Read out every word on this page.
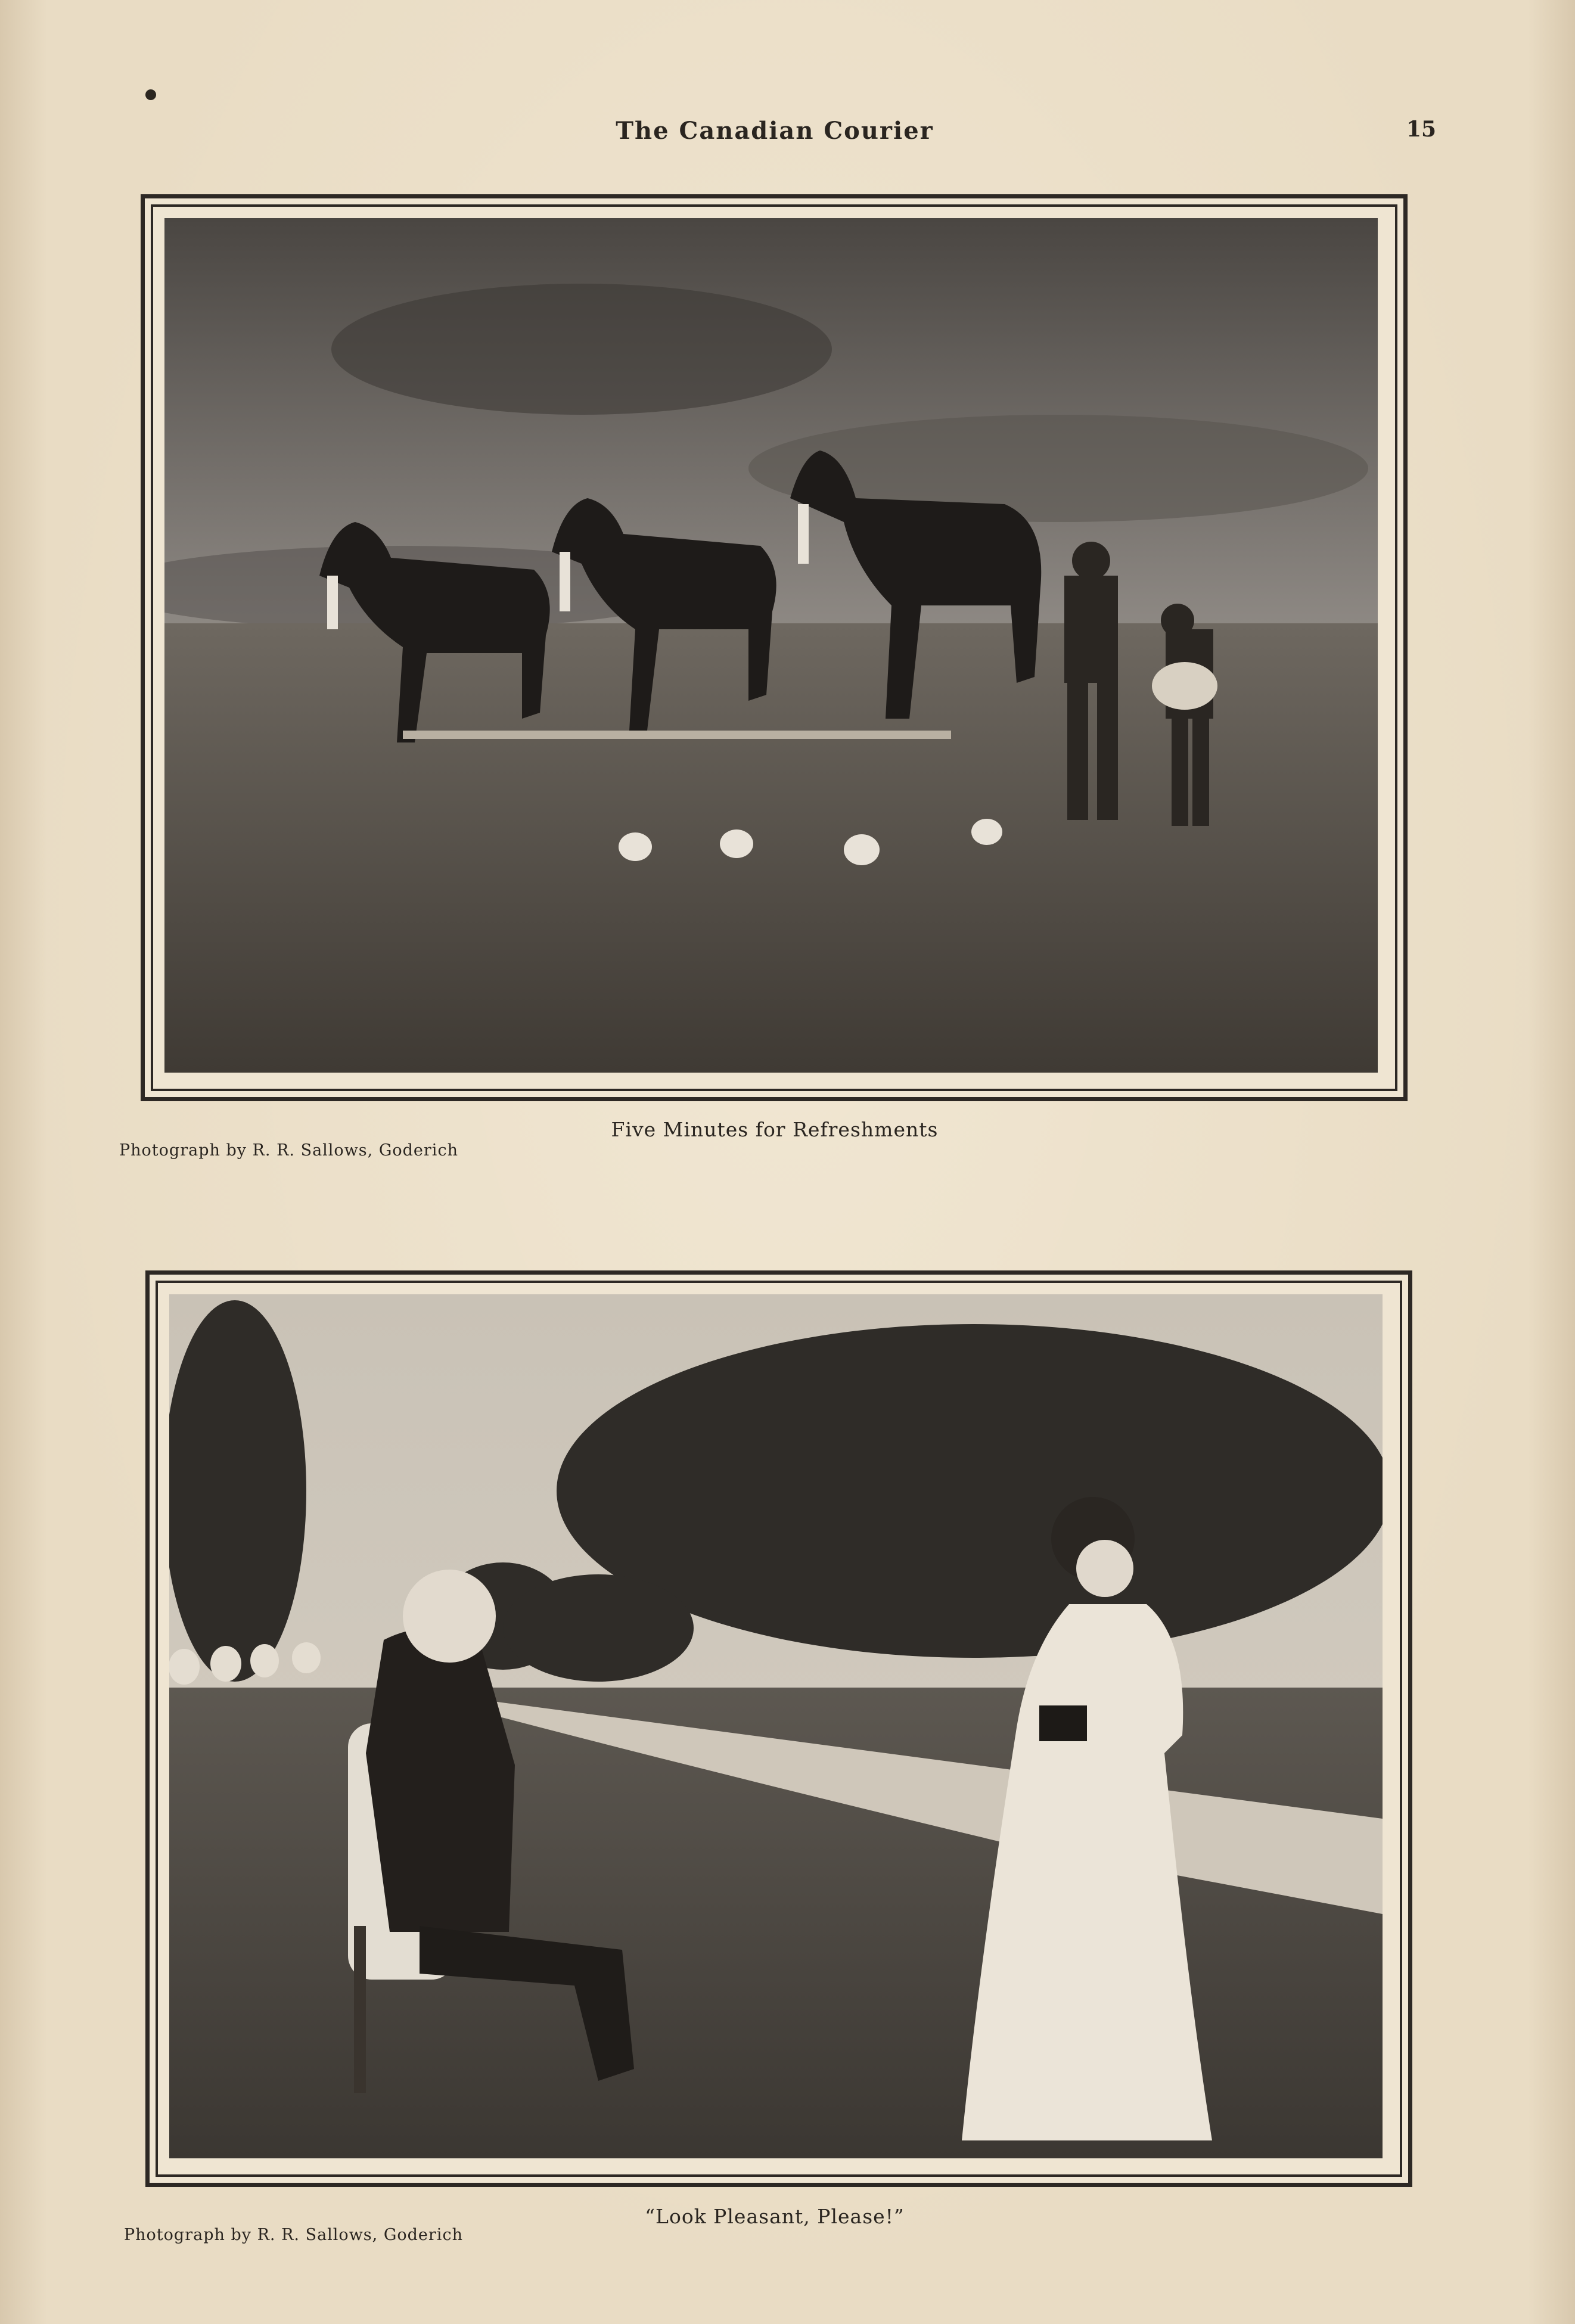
The Canadian Courier	15
Five Minutes for Refreshments
Photograph by R. R. Sallows, Goderich
“Look Pleasant, Please!”
Photograph by R. R. Sallows, Goderich
